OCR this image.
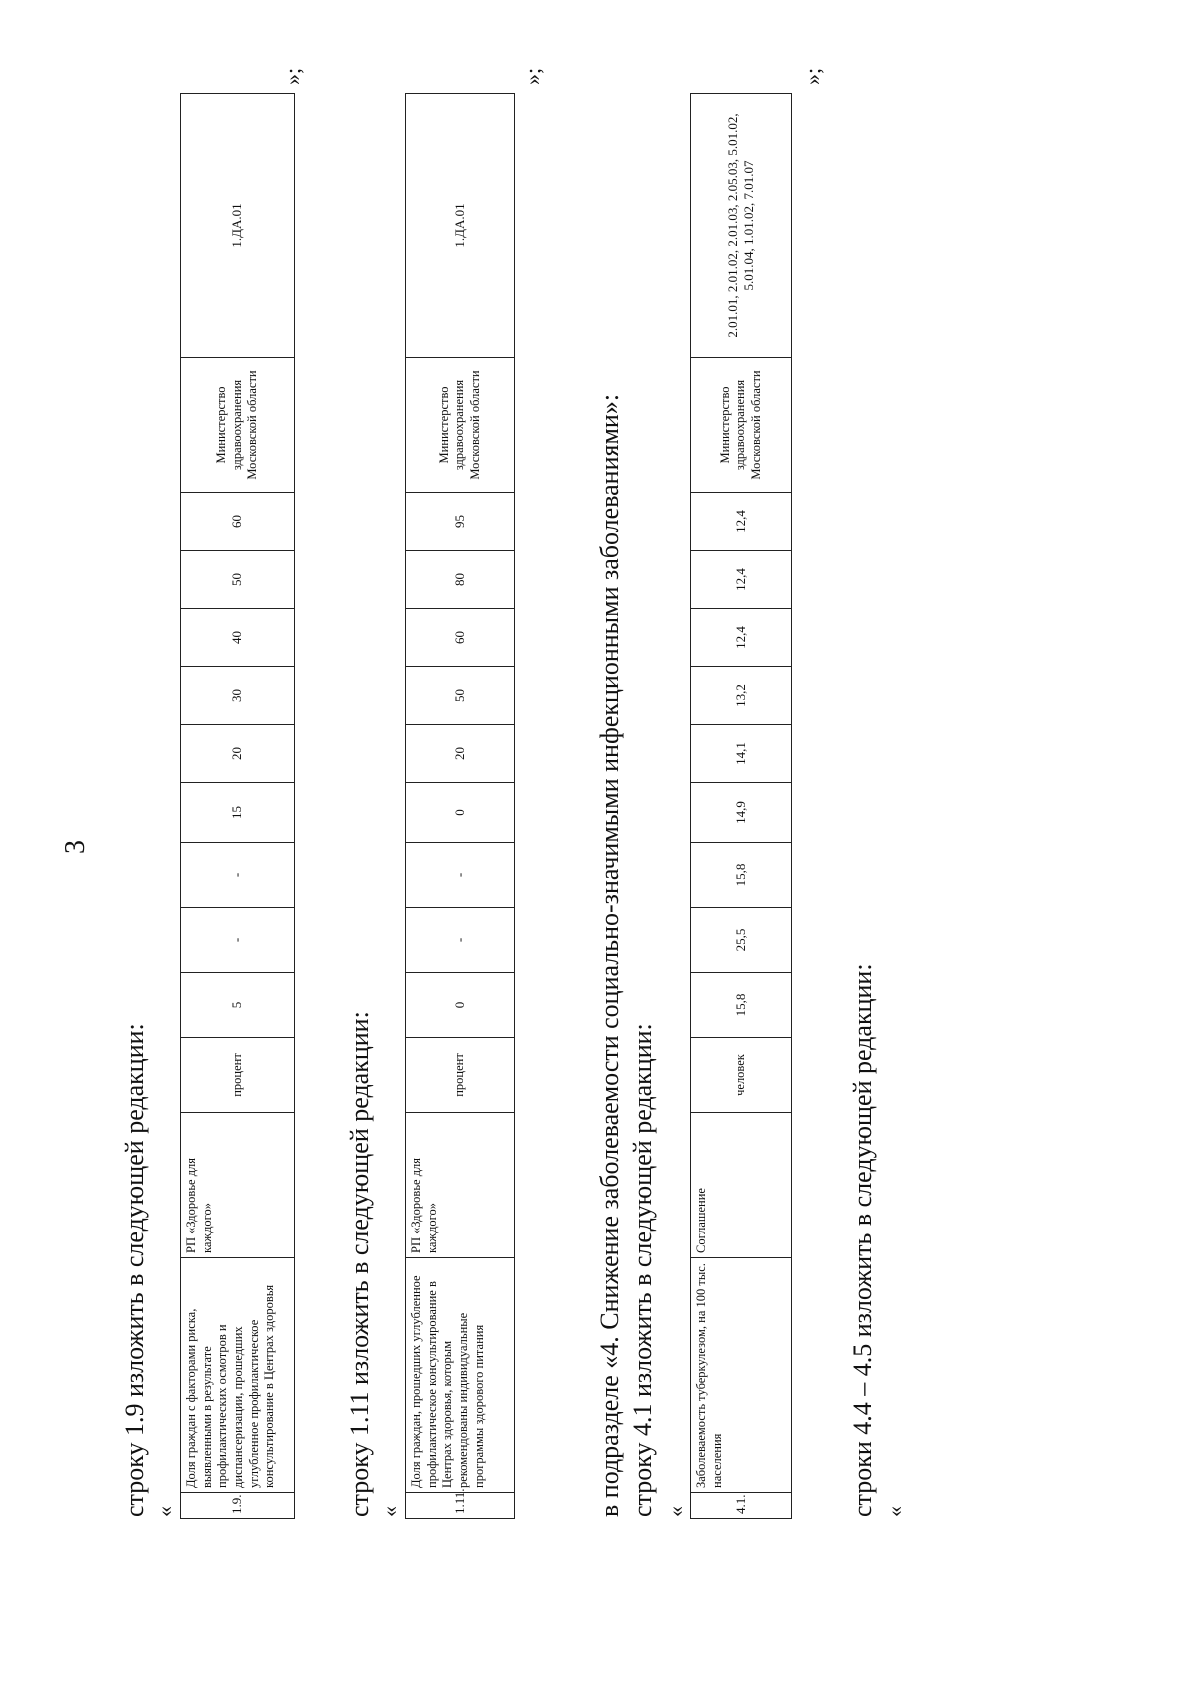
3
строку 1.9 изложить в следующей редакции: «	1.9.	Доля граждан с факторами риска, выявленными в результате профилактических осмотров и диспансеризации, прошедших углубленное профилактическое консультирование в Центрах здоровья	РП «Здоровье для каждого»	процент	5	-	-	15	20	30	40	50	60	Министерство здравоохранения Московской области	1.ДА.01
»;
строку 1.11 изложить в следующей редакции: «	1.11.	Доля граждан, прошедших углубленное профилактическое консультирование в Центрах здоровья, которым рекомендованы индивидуальные программы здорового питания	РП «Здоровье для каждого»	процент	0	-	-	0	20	50	60	80	95	Министерство здравоохранения Московской области	1.ДА.01
»;
в подразделе «4. Снижение заболеваемости социально-значимыми инфекционными заболеваниями»: строку 4.1 изложить в следующей редакции: «	4.1.	Заболеваемость туберкулезом, на 100 тыс. населения	Соглашение	человек	15,8	25,5	15,8	14,9	14,1	13,2	12,4	12,4	12,4	Министерство здравоохранения Московской области	2.01.01, 2.01.02, 2.01.03, 2.05.03, 5.01.02, 5.01.04, 1.01.02, 7.01.07
»;
строки 4.4 – 4.5 изложить в следующей редакции: «
